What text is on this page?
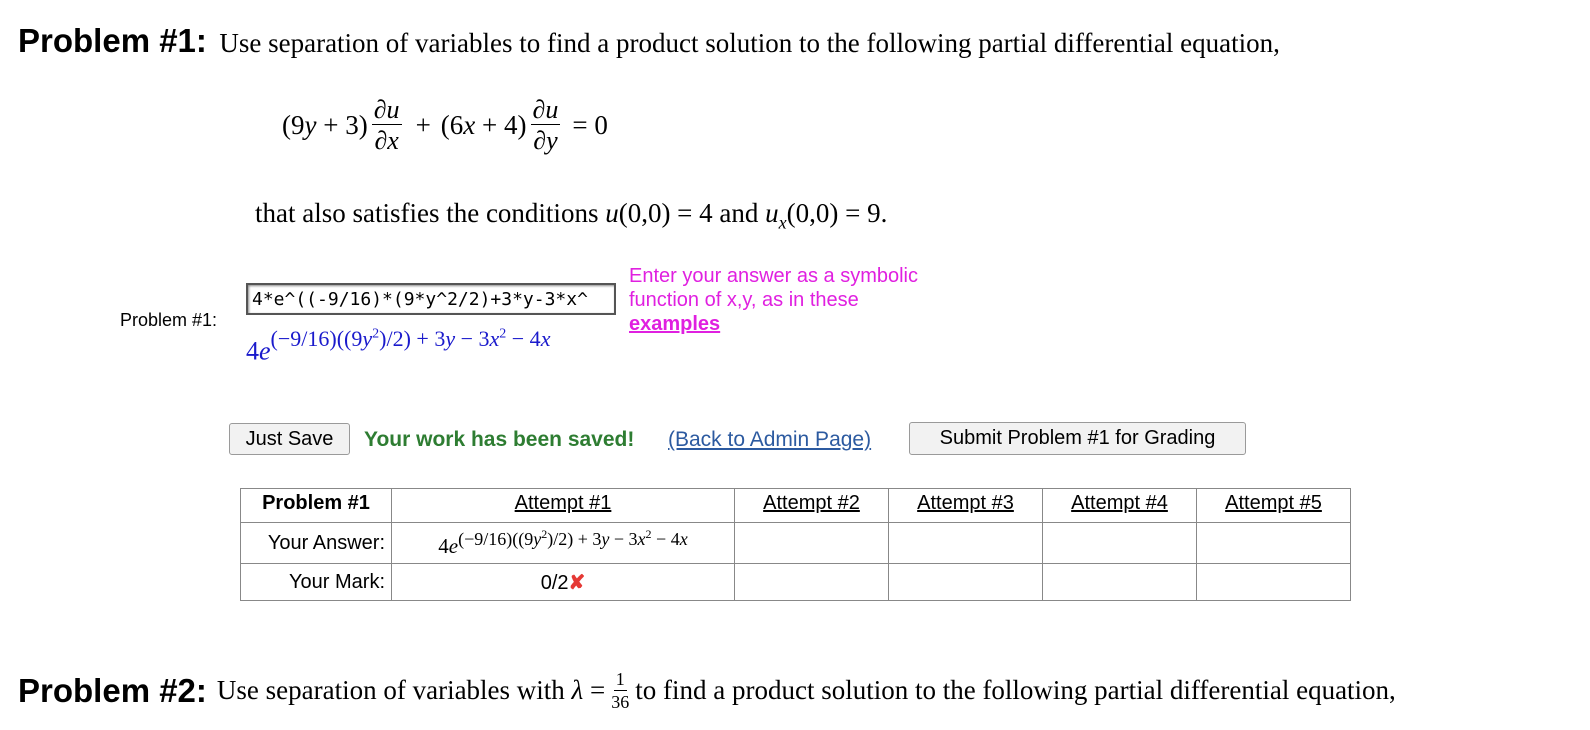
Problem #1: Use separation of variables to find a product solution to the following partial differential equation,
$(9y + 3) \frac{\partial u}{\partial x} + (6x + 4) \frac{\partial u}{\partial y} = 0$
that also satisfies the conditions u(0,0) = 4 and $u_x(0,0) = 9$.
Problem #1:
4*e^((-9/16)*(9*y^2/2)+3*y-3*x^
Enter your answer as a symbolic
function of x,y, as in these
examples
$4e^{(-9/16)((9y^2)/2) + 3y - 3x^2 - 4x}$
Just Save	Your work has been saved! (Back to Admin Page)	Submit Problem #1 for Grading
Problem #1	Attempt #1	Attempt #2	Attempt #3	Attempt #4	Attempt #5
Your Answer:	$4e^{(-9/16)((9y^2)/2) + 3y - 3x^2 - 4x}$				
Your Mark:	0/2✘				
Problem #2: Use separation of variables with $\lambda = \frac{1}{36}$ to find a product solution to the following partial differential equation,
